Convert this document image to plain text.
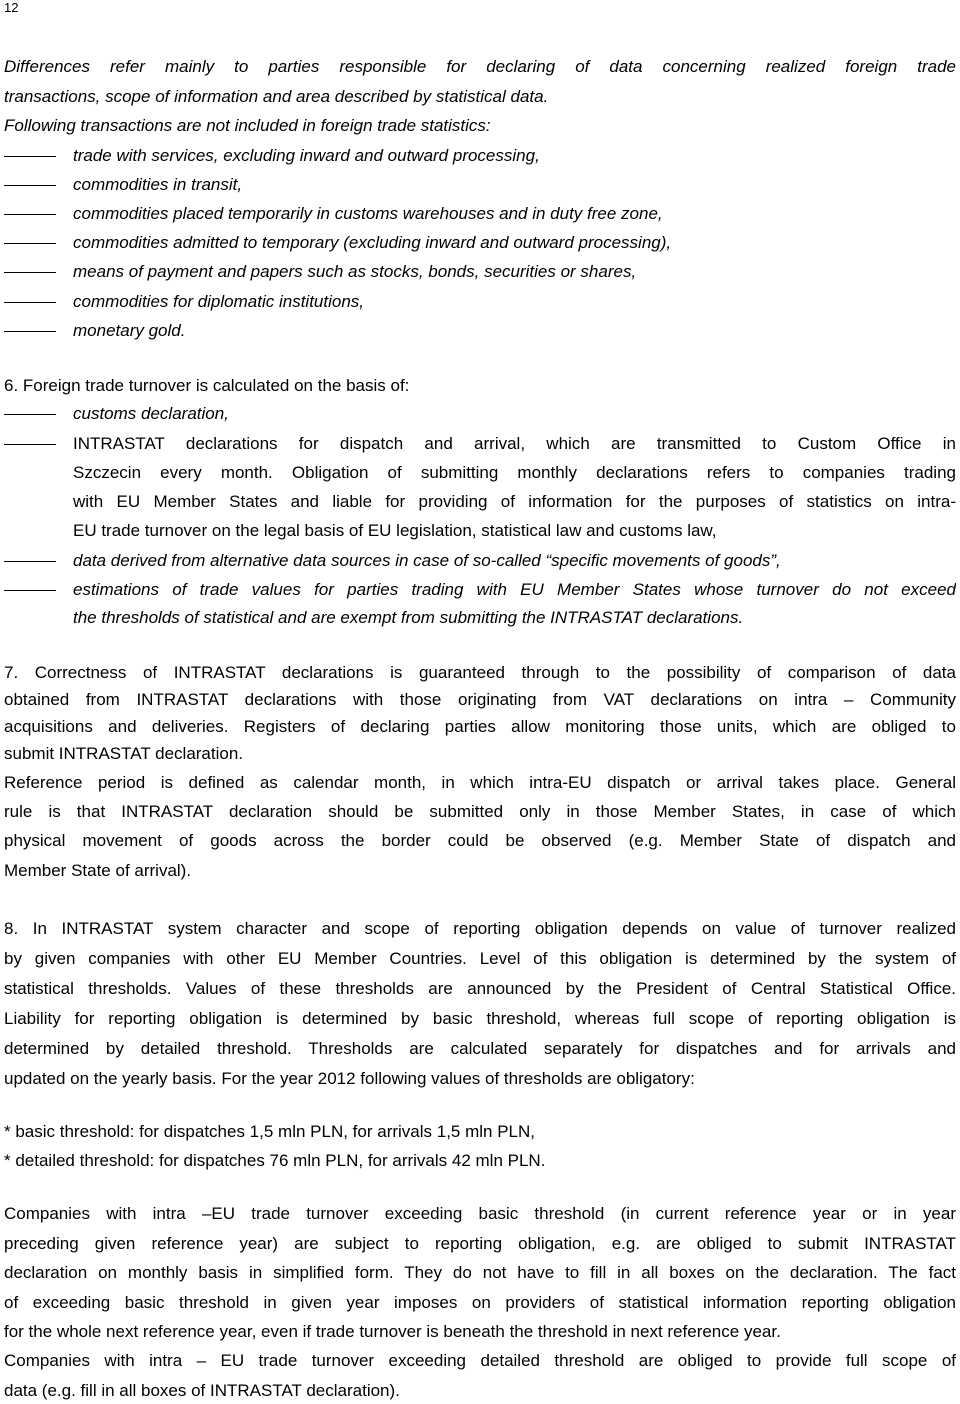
12
Differences refer mainly to parties responsible for declaring of data concerning realized foreign trade
transactions, scope of information and area described by statistical data.
Following transactions are not included in foreign trade statistics:
trade with services, excluding inward and outward processing,
commodities in transit,
commodities placed temporarily in customs warehouses and in duty free zone,
commodities admitted to temporary (excluding inward and outward processing),
means of payment and papers such as stocks, bonds, securities or shares,
commodities for diplomatic institutions,
monetary gold.
6. Foreign trade turnover is calculated on the basis of:
customs declaration,
INTRASTAT declarations for dispatch and arrival, which are transmitted to Custom Office in
Szczecin every month. Obligation of submitting monthly declarations refers to companies trading
with EU Member States and liable for providing of information for the purposes of statistics on intra-
EU trade turnover on the legal basis of EU legislation, statistical law and customs law,
data derived from alternative data sources in case of so-called “specific movements of goods”,
estimations of trade values for parties trading with EU Member States whose turnover do not exceed
the thresholds of statistical and are exempt from submitting the INTRASTAT declarations.
7. Correctness of INTRASTAT declarations is guaranteed through to the possibility of comparison of data
obtained from INTRASTAT declarations with those originating from VAT declarations on intra – Community
acquisitions and deliveries. Registers of declaring parties allow monitoring those units, which are obliged to
submit INTRASTAT declaration.
Reference period is defined as calendar month, in which intra-EU dispatch or arrival takes place. General
rule is that INTRASTAT declaration should be submitted only in those Member States, in case of which
physical movement of goods across the border could be observed (e.g. Member State of dispatch and
Member State of arrival).
8. In INTRASTAT system character and scope of reporting obligation depends on value of turnover realized
by given companies with other EU Member Countries. Level of this obligation is determined by the system of
statistical thresholds. Values of these thresholds are announced by the President of Central Statistical Office.
Liability for reporting obligation is determined by basic threshold, whereas full scope of reporting obligation is
determined by detailed threshold. Thresholds are calculated separately for dispatches and for arrivals and
updated on the yearly basis. For the year 2012 following values of thresholds are obligatory:
* basic threshold: for dispatches 1,5 mln PLN, for arrivals 1,5 mln PLN,
* detailed threshold: for dispatches 76 mln PLN, for arrivals 42 mln PLN.
Companies with intra –EU trade turnover exceeding basic threshold (in current reference year or in year
preceding given reference year) are subject to reporting obligation, e.g. are obliged to submit INTRASTAT
declaration on monthly basis in simplified form. They do not have to fill in all boxes on the declaration. The fact
of exceeding basic threshold in given year imposes on providers of statistical information reporting obligation
for the whole next reference year, even if trade turnover is beneath the threshold in next reference year.
Companies with intra – EU trade turnover exceeding detailed threshold are obliged to provide full scope of
data (e.g. fill in all boxes of INTRASTAT declaration).
